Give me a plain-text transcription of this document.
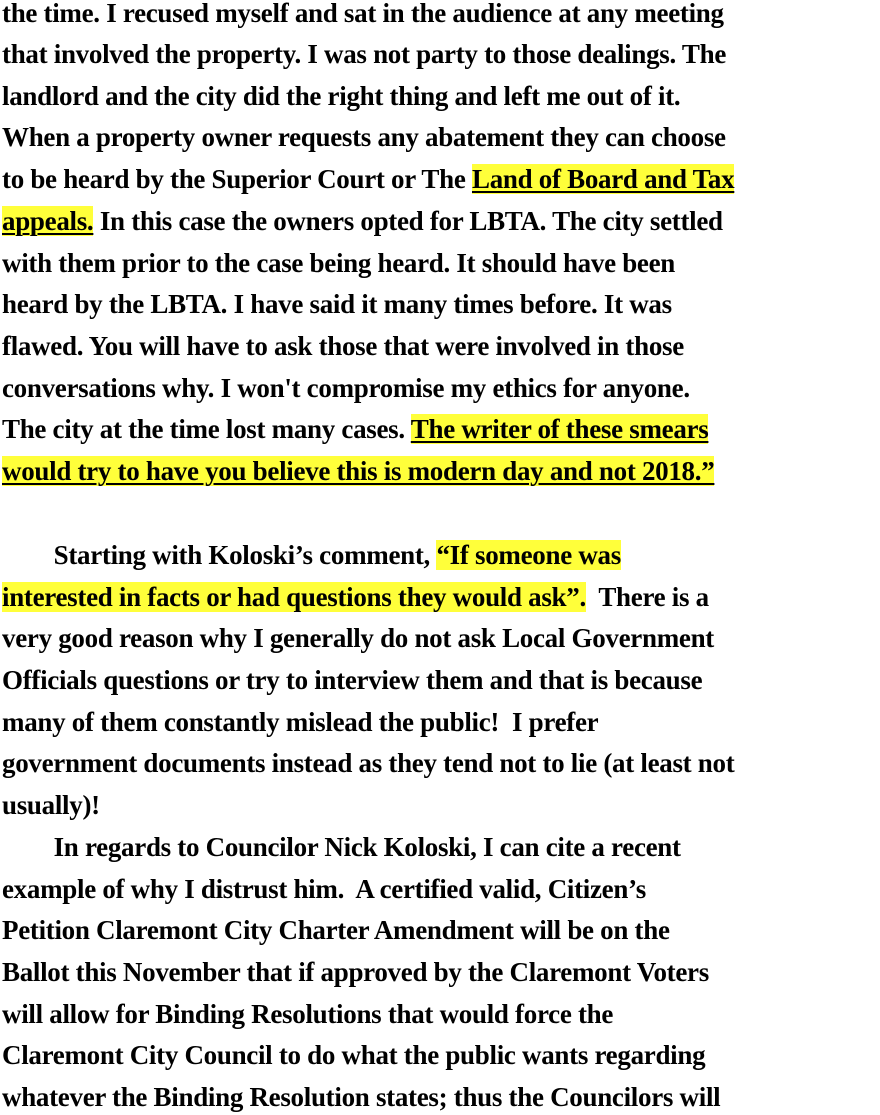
the time. I recused myself and sat in the audience at any meeting
that involved the property. I was not party to those dealings. The
landlord and the city did the right thing and left me out of it.
When a property owner requests any abatement they can choose
to be heard by the Superior Court or The Land of Board and Tax
appeals. In this case the owners opted for LBTA. The city settled
with them prior to the case being heard. It should have been
heard by the LBTA. I have said it many times before. It was
flawed. You will have to ask those that were involved in those
conversations why. I won't compromise my ethics for anyone.
The city at the time lost many cases. The writer of these smears
would try to have you believe this is modern day and not 2018.”
Starting with Koloski’s comment, “If someone was
interested in facts or had questions they would ask”.  There is a
very good reason why I generally do not ask Local Government
Officials questions or try to interview them and that is because
many of them constantly mislead the public!  I prefer
government documents instead as they tend not to lie (at least not
usually)!
In regards to Councilor Nick Koloski, I can cite a recent
example of why I distrust him.  A certified valid, Citizen’s
Petition Claremont City Charter Amendment will be on the
Ballot this November that if approved by the Claremont Voters
will allow for Binding Resolutions that would force the
Claremont City Council to do what the public wants regarding
whatever the Binding Resolution states; thus the Councilors will
